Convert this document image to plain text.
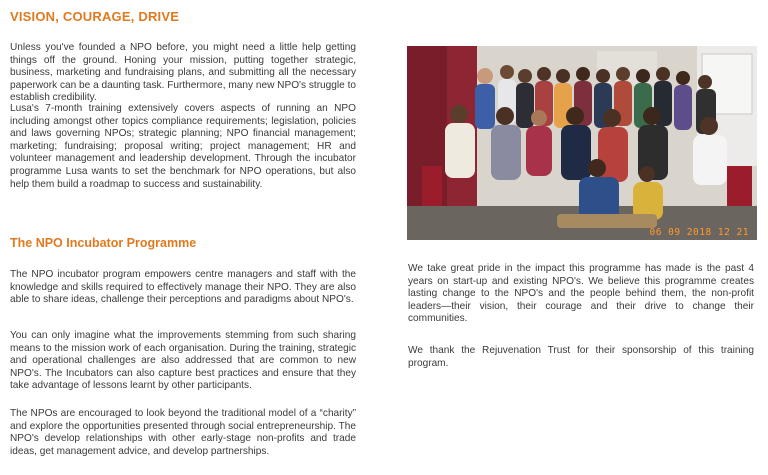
VISION, COURAGE, DRIVE

Unless you've founded a NPO before, you might need a little help getting things off the ground. Honing your mission, putting together strategic, business, marketing and fundraising plans, and submitting all the necessary paperwork can be a daunting task. Furthermore, many new NPO's struggle to establish credibility.

Lusa's 7-month training extensively covers aspects of running an NPO including amongst other topics compliance requirements; legislation, policies and laws governing NPOs; strategic planning; NPO financial management; marketing; fundraising; proposal writing; project management; HR and volunteer management and leadership development. Through the incubator programme Lusa wants to set the benchmark for NPO operations, but also help them build a roadmap to success and sustainability.

The NPO Incubator Programme

The NPO incubator program empowers centre managers and staff with the knowledge and skills required to effectively manage their NPO. They are also able to share ideas, challenge their perceptions and paradigms about NPO's.

You can only imagine what the improvements stemming from such sharing means to the mission work of each organisation. During the training, strategic and operational challenges are also addressed that are common to new NPO's. The Incubators can also capture best practices and ensure that they take advantage of lessons learnt by other participants.

The NPOs are encouraged to look beyond the traditional model of a “charity” and explore the opportunities presented through social entrepreneurship. The NPO's develop relationships with other early-stage non-profits and trade ideas, get management advice, and develop partnerships.

06 09 2018 12 21

We take great pride in the impact this programme has made is the past 4 years on start-up and existing NPO's. We believe this programme creates lasting change to the NPO's and the people behind them, the non-profit leaders—their vision, their courage and their drive to change their communities.

We thank the Rejuvenation Trust for their sponsorship of this training program.
